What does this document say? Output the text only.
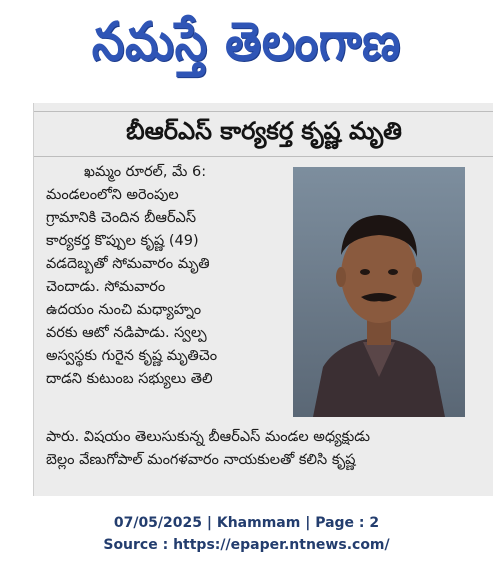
నమస్తే తెలంగాణ
బీఆర్ఎస్ కార్యకర్త కృష్ణ మృతి
ఖమ్మం రూరల్, మే 6:
మండలంలోని అరెంపుల
గ్రామానికి చెందిన బీఆర్ఎస్
కార్యకర్త కొప్పుల కృష్ణ (49)
వడదెబ్బతో సోమవారం మృతి
చెందాడు. సోమవారం
ఉదయం నుంచి మధ్యాహ్నం
వరకు ఆటో నడిపాడు. స్వల్ప
అస్వస్థకు గురైన కృష్ణ మృతిచెం
దాడని కుటుంబ సభ్యులు తెలి
పారు. విషయం తెలుసుకున్న బీఆర్ఎస్ మండల అధ్యక్షుడు
బెల్లం వేణుగోపాల్ మంగళవారం నాయకులతో కలిసి కృష్ణ
07/05/2025 | Khammam | Page : 2
Source : https://epaper.ntnews.com/
